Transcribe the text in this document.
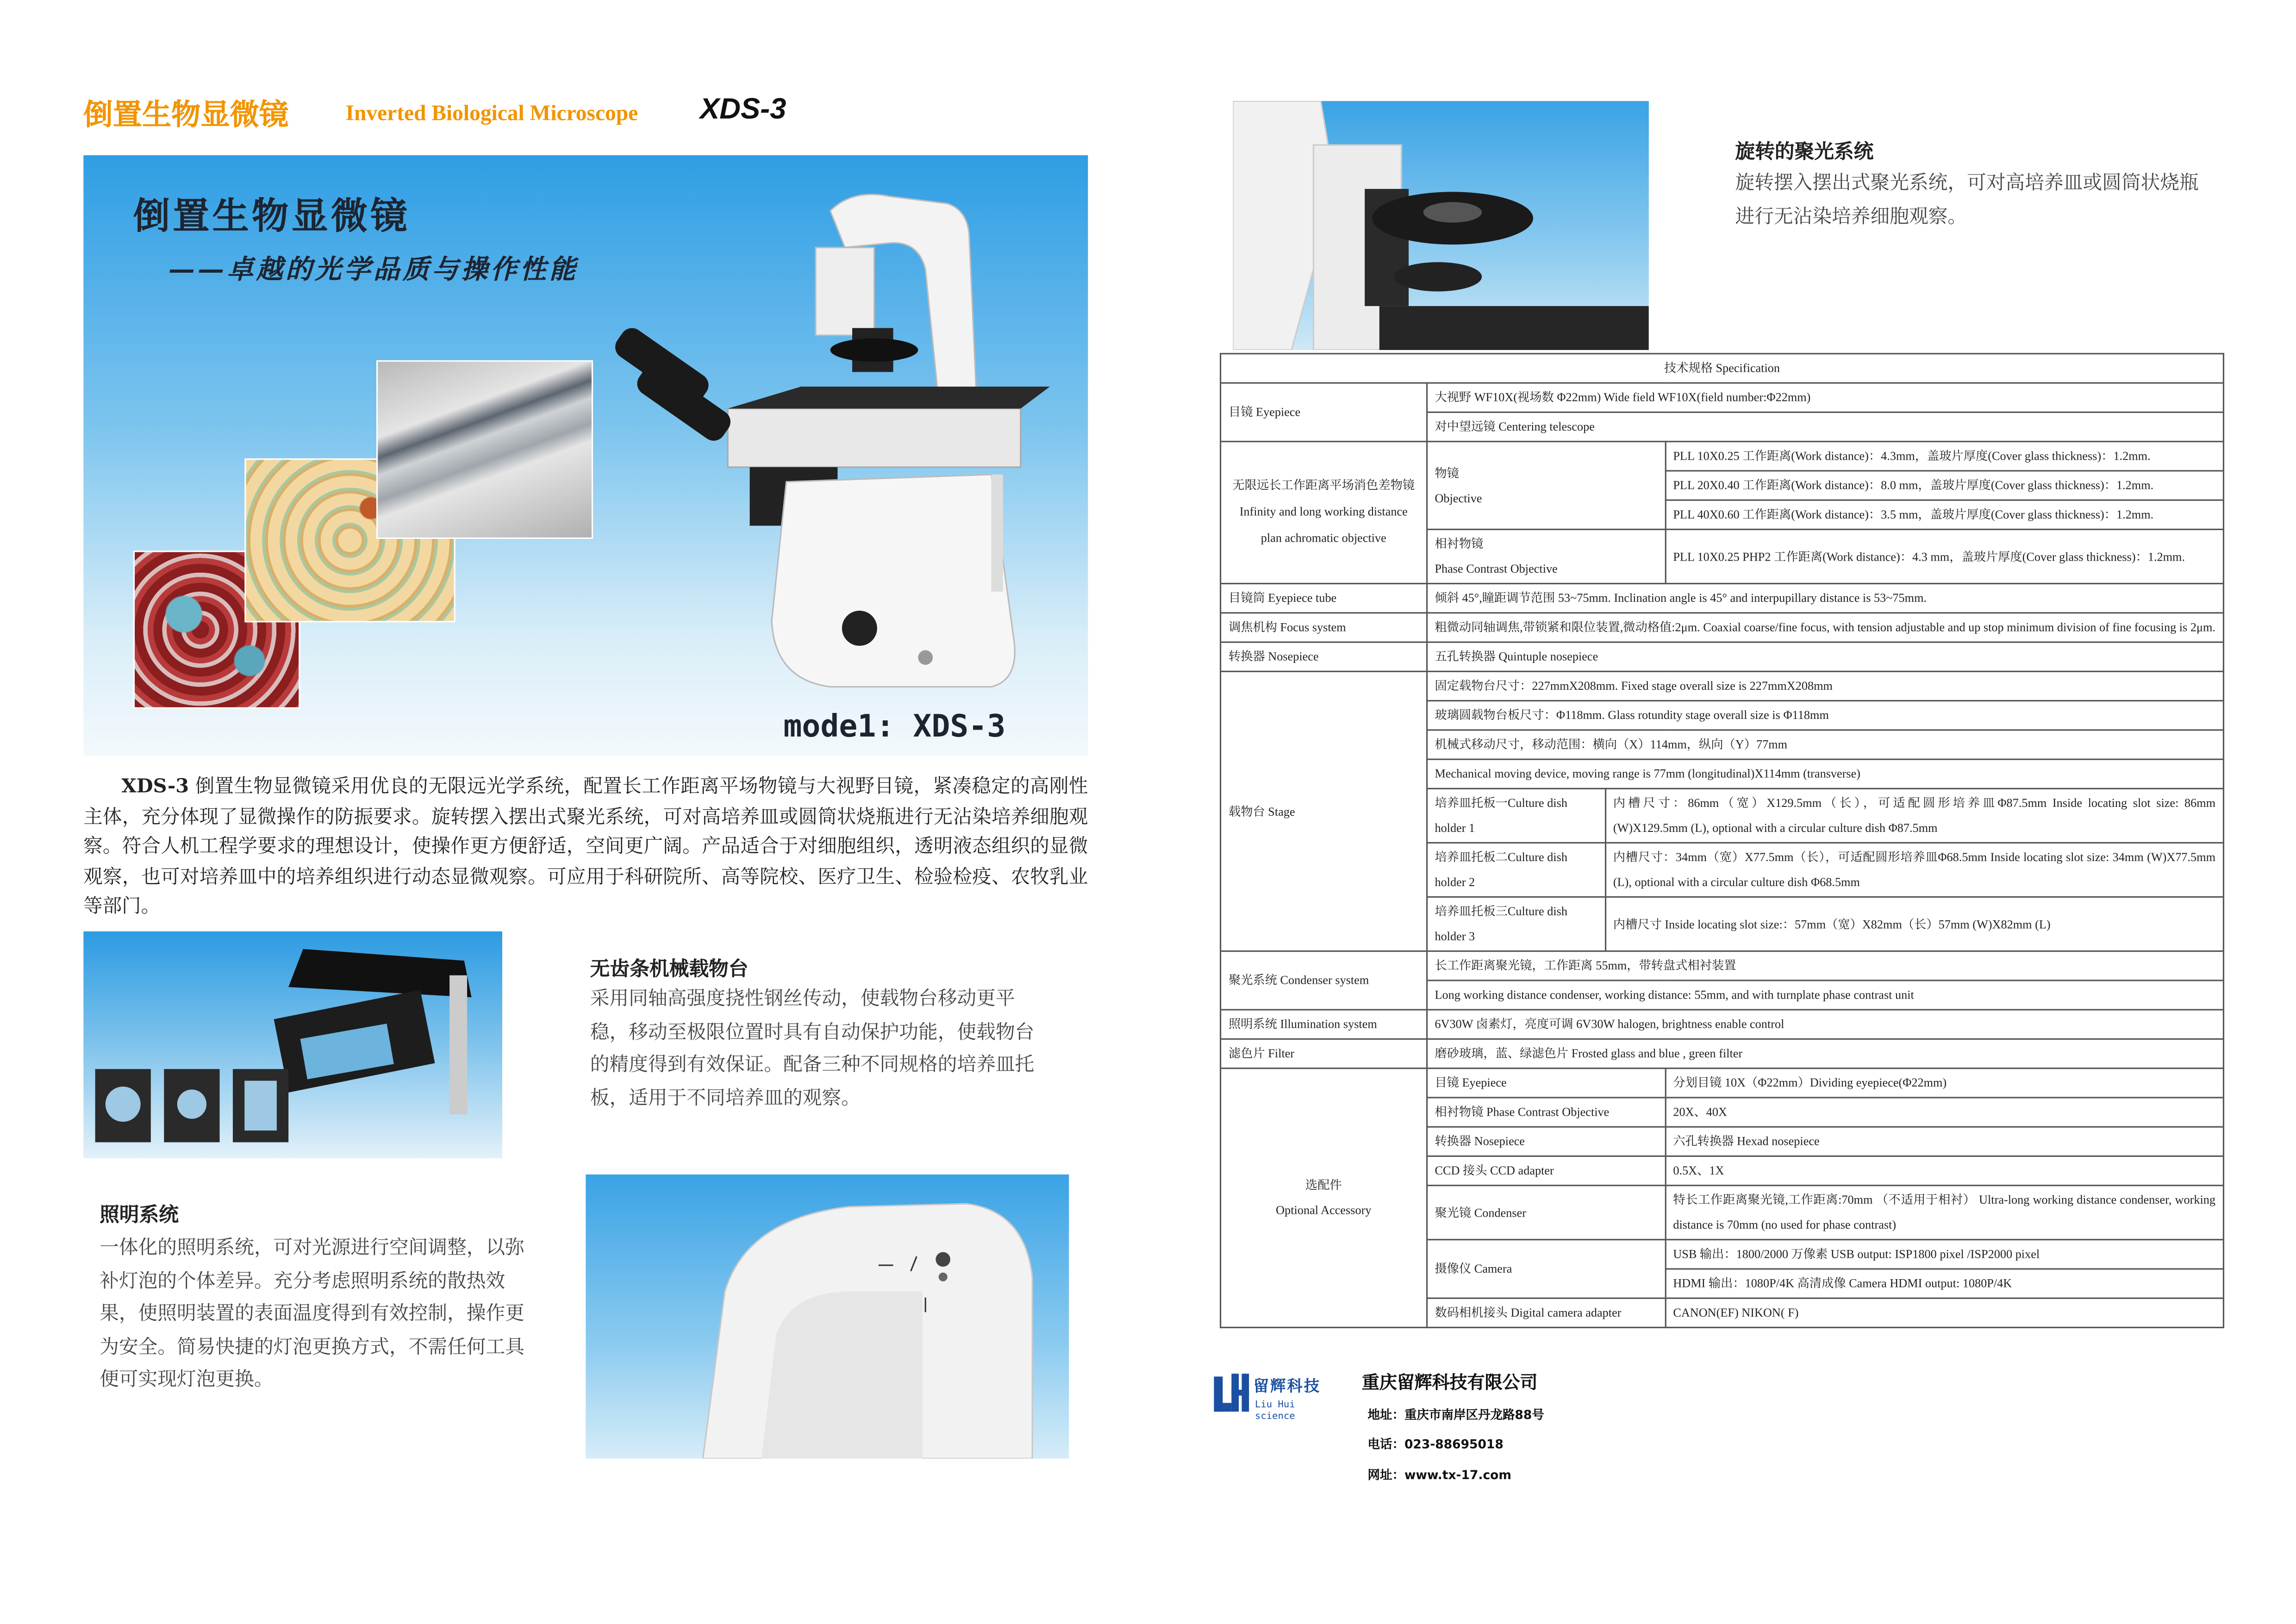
倒置生物显微镜	Inverted Biological Microscope	XDS-3
倒置生物显微镜
——卓越的光学品质与操作性能
mode1: XDS-3
XDS-3 倒置生物显微镜采用优良的无限远光学系统，配置长工作距离平场物镜与大视野目镜，紧凑稳定的高刚性主体，充分体现了显微操作的防振要求。旋转摆入摆出式聚光系统，可对高培养皿或圆筒状烧瓶进行无沾染培养细胞观察。符合人机工程学要求的理想设计，使操作更方便舒适，空间更广阔。产品适合于对细胞组织，透明液态组织的显微观察，也可对培养皿中的培养组织进行动态显微观察。可应用于科研院所、高等院校、医疗卫生、检验检疫、农牧乳业等部门。
无齿条机械载物台
采用同轴高强度挠性钢丝传动，使载物台移动更平稳，移动至极限位置时具有自动保护功能，使载物台的精度得到有效保证。配备三种不同规格的培养皿托板，适用于不同培养皿的观察。
照明系统
一体化的照明系统，可对光源进行空间调整，以弥补灯泡的个体差异。充分考虑照明系统的散热效果，使照明装置的表面温度得到有效控制，操作更为安全。简易快捷的灯泡更换方式，不需任何工具便可实现灯泡更换。
旋转的聚光系统
旋转摆入摆出式聚光系统，可对高培养皿或圆筒状烧瓶进行无沾染培养细胞观察。
技术规格 Specification			
目镜 Eyepiece	大视野 WF10X(视场数 Φ22mm) Wide field WF10X(field number:Φ22mm)		
	对中望远镜 Centering telescope		
无限远长工作距离平场消色差物镜 Infinity and long working distance plan achromatic objective	物镜
Objective		PLL 10X0.25 工作距离(Work distance)：4.3mm，盖玻片厚度(Cover glass thickness)：1.2mm.
			PLL 20X0.40 工作距离(Work distance)：8.0 mm，盖玻片厚度(Cover glass thickness)：1.2mm.
			PLL 40X0.60 工作距离(Work distance)：3.5 mm，盖玻片厚度(Cover glass thickness)：1.2mm.
	相衬物镜
Phase Contrast Objective		PLL 10X0.25 PHP2 工作距离(Work distance)：4.3 mm，盖玻片厚度(Cover glass thickness)：1.2mm.
目镜筒 Eyepiece tube	倾斜 45°,瞳距调节范围 53~75mm. Inclination angle is 45° and interpupillary distance is 53~75mm.		
调焦机构 Focus system	粗微动同轴调焦,带锁紧和限位装置,微动格值:2μm. Coaxial coarse/fine focus, with tension adjustable and up stop minimum division of fine focusing is 2μm.		
转换器 Nosepiece	五孔转换器 Quintuple nosepiece		
载物台 Stage	固定载物台尺寸：227mmX208mm. Fixed stage overall size is 227mmX208mm		
	玻璃圆载物台板尺寸：Φ118mm. Glass rotundity stage overall size is Φ118mm		
	机械式移动尺寸，移动范围：横向（X）114mm，纵向（Y）77mm		
	Mechanical moving device, moving range is 77mm (longitudinal)X114mm (transverse)		
	培养皿托板一Culture dish holder 1	内槽尺寸：86mm（宽）X129.5mm（长），可适配圆形培养皿Φ87.5mm Inside locating slot size: 86mm (W)X129.5mm (L), optional with a circular culture dish Φ87.5mm	
	培养皿托板二Culture dish holder 2	内槽尺寸：34mm（宽）X77.5mm（长），可适配圆形培养皿Φ68.5mm Inside locating slot size: 34mm (W)X77.5mm (L), optional with a circular culture dish Φ68.5mm	
	培养皿托板三Culture dish holder 3	内槽尺寸 Inside locating slot size:：57mm（宽）X82mm（长）57mm (W)X82mm (L)	
聚光系统 Condenser system	长工作距离聚光镜，工作距离 55mm，带转盘式相衬装置		
	Long working distance condenser, working distance: 55mm, and with turnplate phase contrast unit		
照明系统 Illumination system	6V30W 卤素灯，亮度可调 6V30W halogen, brightness enable control		
滤色片 Filter	磨砂玻璃，蓝、绿滤色片 Frosted glass and blue , green filter		
选配件
Optional Accessory	目镜 Eyepiece		分划目镜 10X（Φ22mm）Dividing eyepiece(Φ22mm)
	相衬物镜 Phase Contrast Objective		20X、40X
	转换器 Nosepiece		六孔转换器 Hexad nosepiece
	CCD 接头 CCD adapter		0.5X、1X
	聚光镜 Condenser		特长工作距离聚光镜,工作距离:70mm （不适用于相衬） Ultra-long working distance condenser, working distance is 70mm (no used for phase contrast)
	摄像仪 Camera		USB 输出：1800/2000 万像素 USB output: ISP1800 pixel /ISP2000 pixel
			HDMI 输出：1080P/4K 高清成像 Camera HDMI output: 1080P/4K
	数码相机接头 Digital camera adapter		CANON(EF) NIKON( F)
留辉科技
Liu Hui science
重庆留辉科技有限公司
地址：重庆市南岸区丹龙路88号
电话：023-88695018
网址：www.tx-17.com
